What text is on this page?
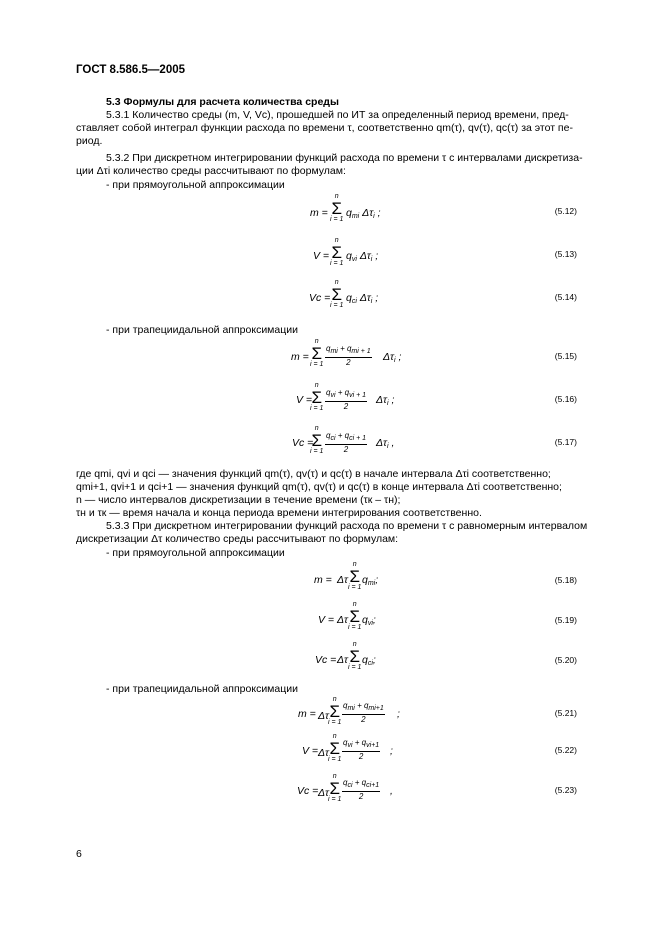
ГОСТ 8.586.5—2005
5.3 Формулы для расчета количества среды
5.3.1 Количество среды (m, V, Vc), прошедшей по ИТ за определенный период времени, пред-
ставляет собой интеграл функции расхода по времени τ, соответственно qm(τ), qv(τ), qc(τ) за этот пе-
риод.
5.3.2 При дискретном интегрировании функций расхода по времени τ с интервалами дискретиза-
ции Δτi количество среды рассчитывают по формулам:
- при прямоугольной аппроксимации
m =
n
Σ
i = 1
$q_{mi}$ $\Delta\tau_i$ ;	(5.12)
V =
n
Σ
i = 1
$q_{vi}$ $\Delta\tau_i$ ;	(5.13)
Vc =
n
Σ
i = 1
$q_{ci}$ $\Delta\tau_i$ ;	(5.14)
- при трапециидальной аппроксимации
m =
n
Σ
i = 1
$q_{mi} + q_{mi + 1}$
2	$\Delta\tau_i$ ;	(5.15)
V =
n
Σ
i = 1
$q_{vi} + q_{vi + 1}$
2
$\Delta\tau_i$ ;	(5.16)
Vc =
n
Σ
i = 1
$q_{ci} + q_{ci + 1}$
2
$\Delta\tau_i$ ,	(5.17)
где qmi, qvi и qci — значения функций qm(τ), qv(τ) и qc(τ) в начале интервала Δτi соответственно;
qmi+1, qvi+1 и qci+1 — значения функций qm(τ), qv(τ) и qc(τ) в конце интервала Δτi соответственно;
n — число интервалов дискретизации в течение времени (τк – τн);
τн и τк — время начала и конца периода времени интегрирования соответственно.
5.3.3 При дискретном интегрировании функций расхода по времени τ с равномерным интервалом
дискретизации Δτ количество среды рассчитывают по формулам:
- при прямоугольной аппроксимации
m = Δτ
n
Σ
i = 1
$q_{mi}$;	(5.18)
V = Δτ
n
Σ
i = 1
$q_{vi}$;	(5.19)
Vc = Δτ
n
Σ
i = 1
$q_{ci}$;	(5.20)
- при трапециидальной аппроксимации
m = Δτ
n
Σ
i = 1
$q_{mi} + q_{mi+1}$
2	;	(5.21)
V = Δτ
n
Σ
i = 1
$q_{vi} + q_{vi+1}$
2	;	(5.22)
Vc = Δτ
n
Σ
i = 1
$q_{ci} + q_{ci+1}$
2	,	(5.23)
6
